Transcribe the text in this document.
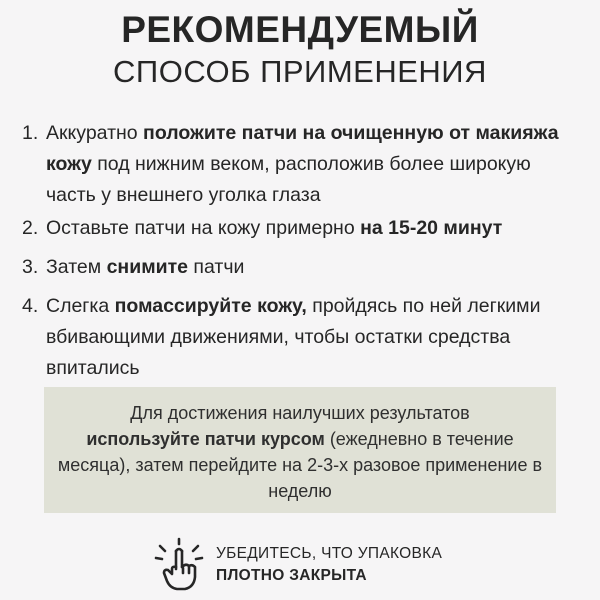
РЕКОМЕНДУЕМЫЙ
СПОСОБ ПРИМЕНЕНИЯ
1. Аккуратно положите патчи на очищенную от макияжа кожу под нижним веком, расположив более широкую часть у внешнего уголка глаза
2. Оставьте патчи на кожу примерно на 15-20 минут
3. Затем снимите патчи
4. Слегка помассируйте кожу, пройдясь по ней легкими вбивающими движениями, чтобы остатки средства впитались
Для достижения наилучших результатов
используйте патчи курсом (ежедневно в течение месяца), затем перейдите на 2-3-х разовое применение в неделю
УБЕДИТЕСЬ, ЧТО УПАКОВКА
ПЛОТНО ЗАКРЫТА
